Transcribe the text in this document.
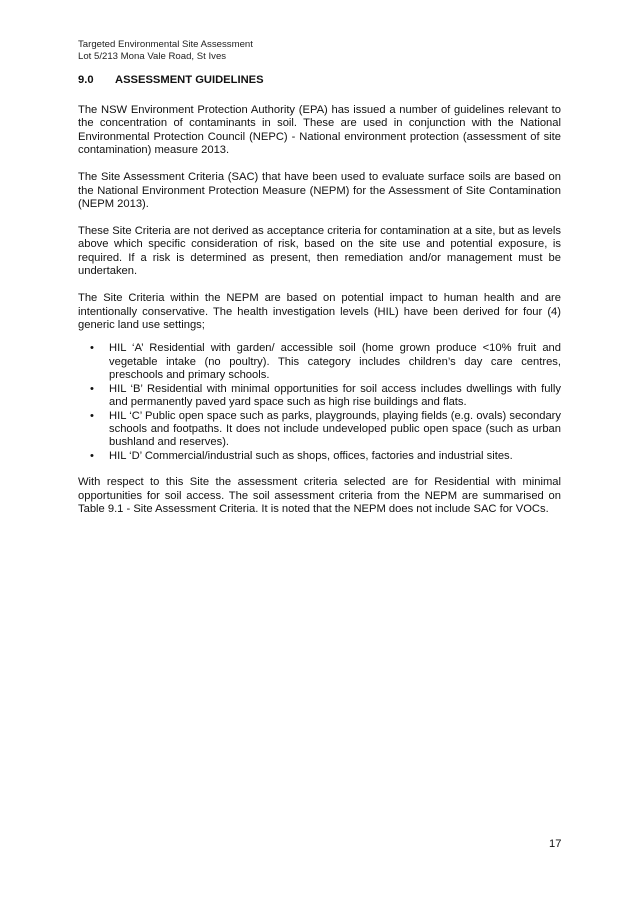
Targeted Environmental Site Assessment
Lot 5/213 Mona Vale Road, St Ives
9.0 ASSESSMENT GUIDELINES

The NSW Environment Protection Authority (EPA) has issued a number of guidelines relevant to the concentration of contaminants in soil. These are used in conjunction with the National Environmental Protection Council (NEPC) - National environment protection (assessment of site contamination) measure 2013.

The Site Assessment Criteria (SAC) that have been used to evaluate surface soils are based on the National Environment Protection Measure (NEPM) for the Assessment of Site Contamination (NEPM 2013).

These Site Criteria are not derived as acceptance criteria for contamination at a site, but as levels above which specific consideration of risk, based on the site use and potential exposure, is required. If a risk is determined as present, then remediation and/or management must be undertaken.

The Site Criteria within the NEPM are based on potential impact to human health and are intentionally conservative. The health investigation levels (HIL) have been derived for four (4) generic land use settings;

• HIL ‘A’ Residential with garden/ accessible soil (home grown produce <10% fruit and vegetable intake (no poultry). This category includes children’s day care centres, preschools and primary schools.
• HIL ‘B’ Residential with minimal opportunities for soil access includes dwellings with fully and permanently paved yard space such as high rise buildings and flats.
• HIL ‘C’ Public open space such as parks, playgrounds, playing fields (e.g. ovals) secondary schools and footpaths. It does not include undeveloped public open space (such as urban bushland and reserves).
• HIL ‘D’ Commercial/industrial such as shops, offices, factories and industrial sites.

With respect to this Site the assessment criteria selected are for Residential with minimal opportunities for soil access. The soil assessment criteria from the NEPM are summarised on Table 9.1 - Site Assessment Criteria. It is noted that the NEPM does not include SAC for VOCs.

17
